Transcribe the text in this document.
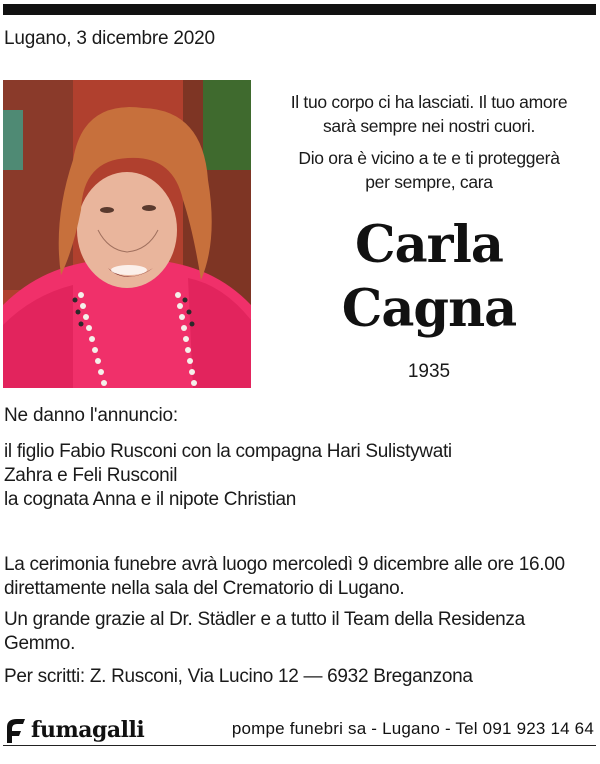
Lugano, 3 dicembre 2020
Il tuo corpo ci ha lasciati. Il tuo amore
sarà sempre nei nostri cuori.
Dio ora è vicino a te e ti proteggerà
per sempre, cara
Carla
Cagna
1935
Ne danno l'annuncio:
il figlio Fabio Rusconi con la compagna Hari Sulistywati
Zahra e Feli Rusconil
la cognata Anna e il nipote Christian
La cerimonia funebre avrà luogo mercoledì 9 dicembre alle ore 16.00 direttamente nella sala del Crematorio di Lugano.
Un grande grazie al Dr. Städler e a tutto il Team della Residenza Gemmo.
Per scritti: Z. Rusconi, Via Lucino 12 — 6932 Breganzona
fumagalli	pompe funebri sa - Lugano - Tel 091 923 14 64
